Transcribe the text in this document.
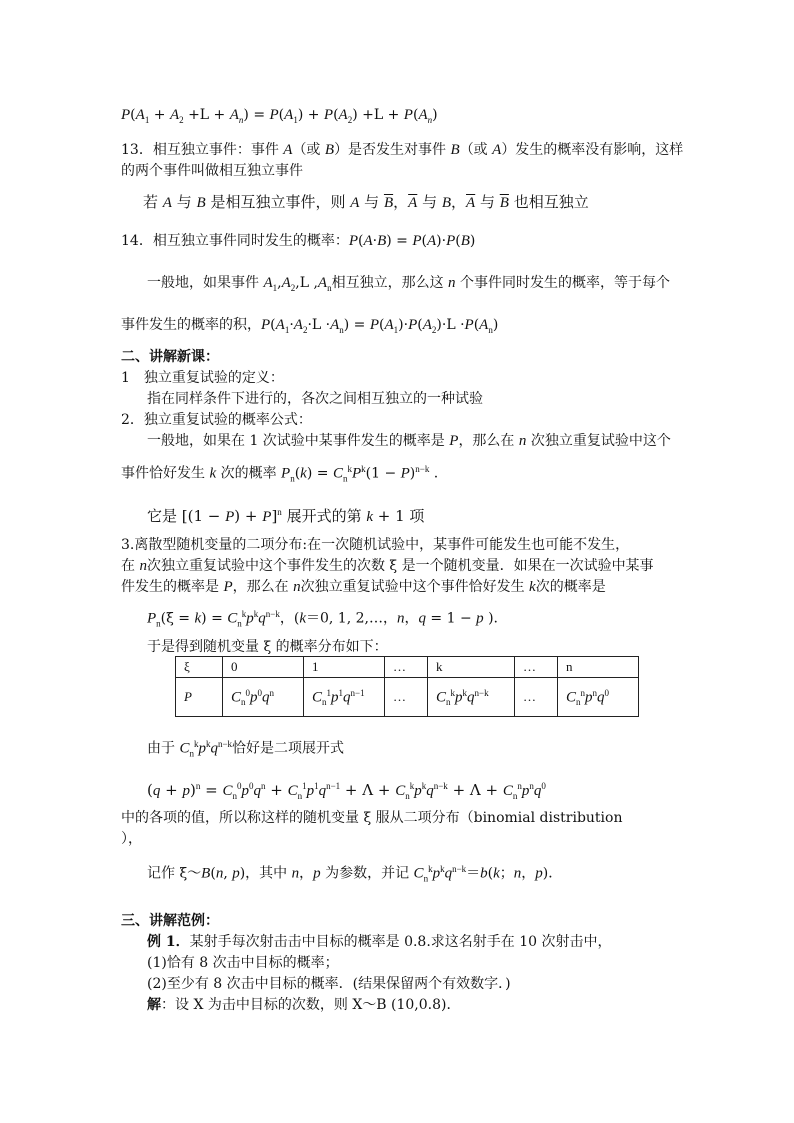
$P(A_1 + A_2 +L + A_n) = P(A_1) + P(A_2) +L + P(A_n)$
13．相互独立事件：事件 A（或 B）是否发生对事件 B（或 A）发生的概率没有影响，这样
的两个事件叫做相互独立事件
若 A 与 B 是相互独立事件，则 A 与 $\overline{B}$，$\overline{A}$ 与 B，$\overline{A}$ 与 $\overline{B}$ 也相互独立
14．相互独立事件同时发生的概率：P(A·B) = P(A)·P(B)
一般地，如果事件 $A_1,A_2,L$ $,A_n$相互独立，那么这 n 个事件同时发生的概率，等于每个
事件发生的概率的积，$P(A_1\cdot A_2\cdot L \cdot A_n) = P(A_1)\cdot P(A_2)\cdot L \cdot P(A_n)$
二、讲解新课：
1　独立重复试验的定义：
指在同样条件下进行的，各次之间相互独立的一种试验
2．独立重复试验的概率公式：
一般地，如果在 1 次试验中某事件发生的概率是 P，那么在 n 次独立重复试验中这个
事件恰好发生 k 次的概率 $P_n(k) = C_n^kP^k(1 - P)^{n-k}$ .
它是 $[(1 - P) + P]^n$ 展开式的第 k + 1 项
3.离散型随机变量的二项分布:在一次随机试验中，某事件可能发生也可能不发生，
在 n次独立重复试验中这个事件发生的次数 ξ 是一个随机变量．如果在一次试验中某事
件发生的概率是 P，那么在 n次独立重复试验中这个事件恰好发生 k次的概率是
$P_n(\xi = k) = C_n^kp^kq^{n-k}$，(k＝0, 1, 2,…，n，q = 1 − p ).
于是得到随机变量 ξ 的概率分布如下：
ξ	0	1	…	k	…	n
P	$C_n^0p^0q^n$	$C_n^1p^1q^{n-1}$	…	$C_n^kp^kq^{n-k}$	…	$C_n^np^nq^0$
由于 $C_n^kp^kq^{n-k}$恰好是二项展开式
$(q + p)^n = C_n^0p^0q^n + C_n^1p^1q^{n-1} + \Lambda + C_n^kp^kq^{n-k} + \Lambda + C_n^np^nq^0$
中的各项的值，所以称这样的随机变量 ξ 服从二项分布（binomial distribution
），
记作 ξ～B(n, p)，其中 n，p 为参数，并记 $C_n^kp^kq^{n-k}=b(k$；n，p)．
三、讲解范例：
例 1．某射手每次射击击中目标的概率是 0.8.求这名射手在 10 次射击中，
(1)恰有 8 次击中目标的概率；
(2)至少有 8 次击中目标的概率．(结果保留两个有效数字．)
解：设 X 为击中目标的次数，则 X～B (10,0.8)．
